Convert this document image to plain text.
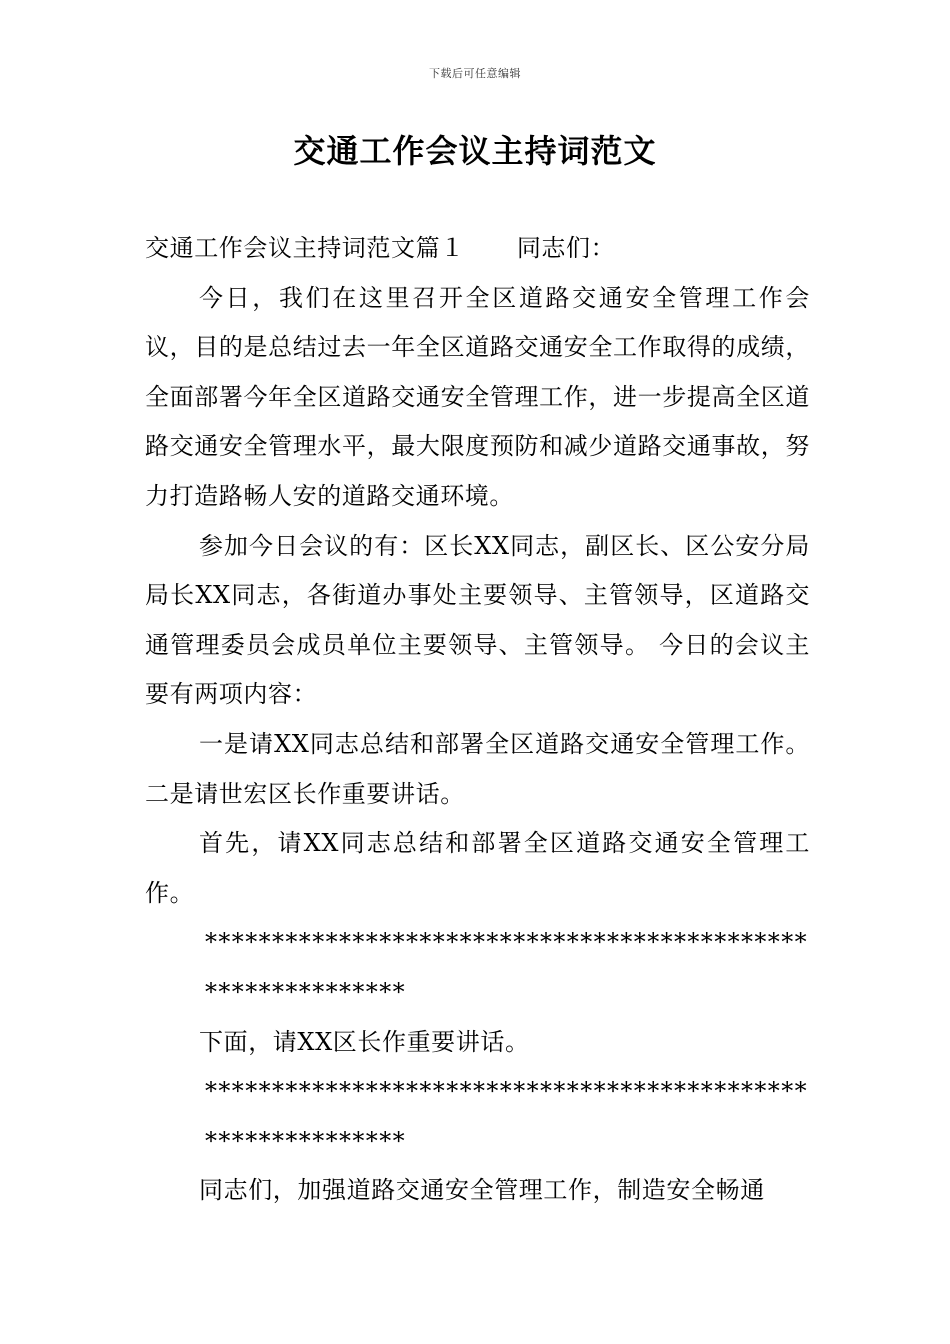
下载后可任意编辑
交通工作会议主持词范文

交通工作会议主持词范文篇１ 同志们：

今日，我们在这里召开全区道路交通安全管理工作会议，目的是总结过去一年全区道路交通安全工作取得的成绩，全面部署今年全区道路交通安全管理工作，进一步提高全区道路交通安全管理水平，最大限度预防和减少道路交通事故，努力打造路畅人安的道路交通环境。

参加今日会议的有：区长XX同志，副区长、区公安分局局长XX同志，各街道办事处主要领导、主管领导，区道路交通管理委员会成员单位主要领导、主管领导。 今日的会议主要有两项内容：

一是请XX同志总结和部署全区道路交通安全管理工作。二是请世宏区长作重要讲话。

首先，请XX同志总结和部署全区道路交通安全管理工作。

************************************************************

下面，请XX区长作重要讲话。

************************************************************

同志们，加强道路交通安全管理工作，制造安全畅通
